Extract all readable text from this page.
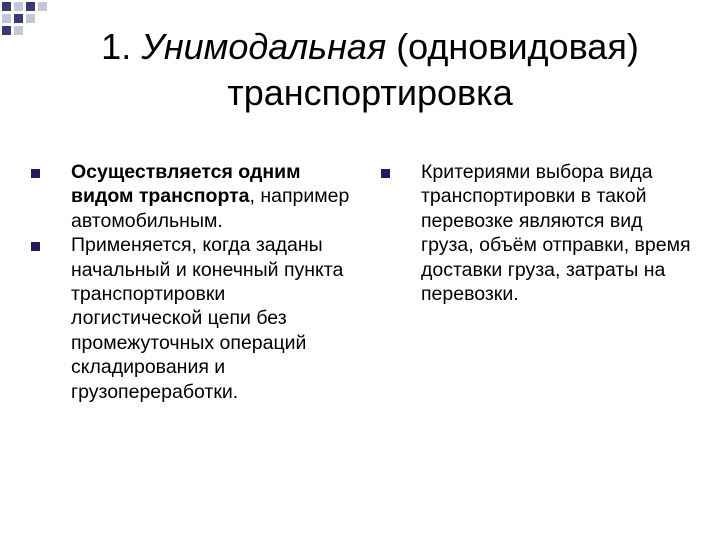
1. Унимодальная (одновидовая)
транспортировка

Осуществляется одним видом транспорта, например автомобильным.

Применяется, когда заданы начальный и конечный пункта транспортировки логистической цепи без промежуточных операций складирования и грузопереработки.

Критериями выбора вида транспортировки в такой перевозке являются вид груза, объём отправки, время доставки груза, затраты на перевозки.
